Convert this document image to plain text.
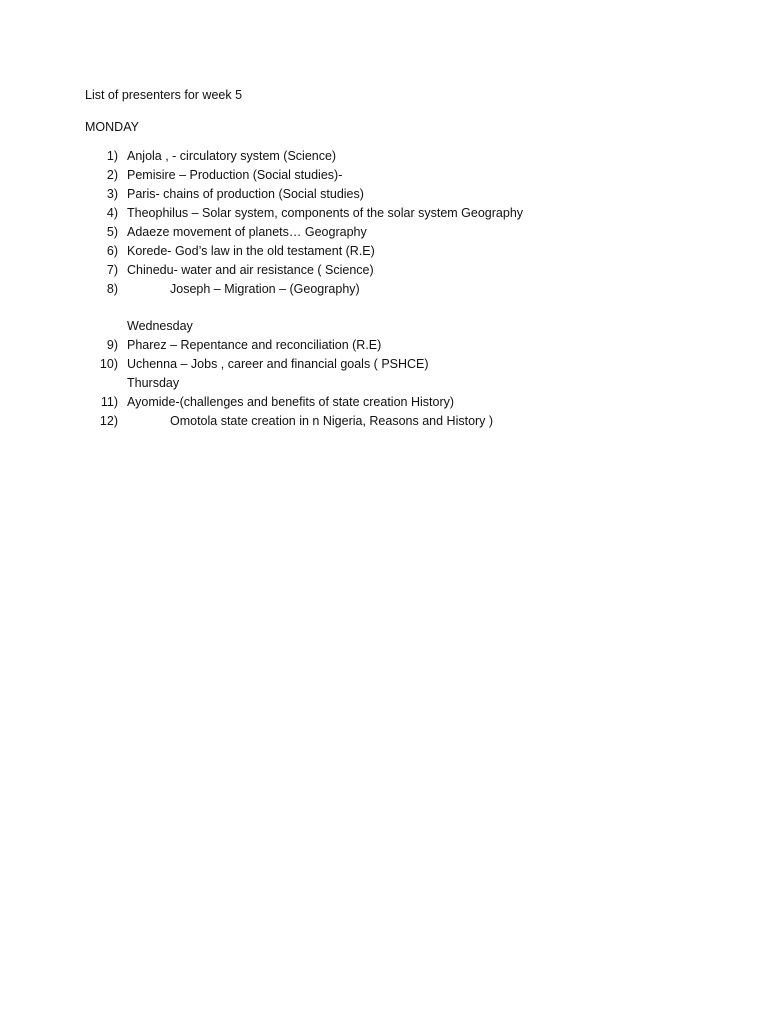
List of presenters for week 5
MONDAY
1) Anjola , - circulatory system (Science)
2) Pemisire – Production (Social studies)-
3) Paris- chains of production (Social studies)
4) Theophilus – Solar system, components of the solar system Geography
5) Adaeze movement of planets… Geography
6) Korede- God’s law in the old testament (R.E)
7) Chinedu- water and air resistance ( Science)
8)	Joseph – Migration – (Geography)
Wednesday
9) Pharez – Repentance and reconciliation (R.E)
10) Uchenna – Jobs , career and financial goals ( PSHCE)
Thursday
11) Ayomide-(challenges and benefits of state creation History)
12)	Omotola state creation in n Nigeria, Reasons and History )
